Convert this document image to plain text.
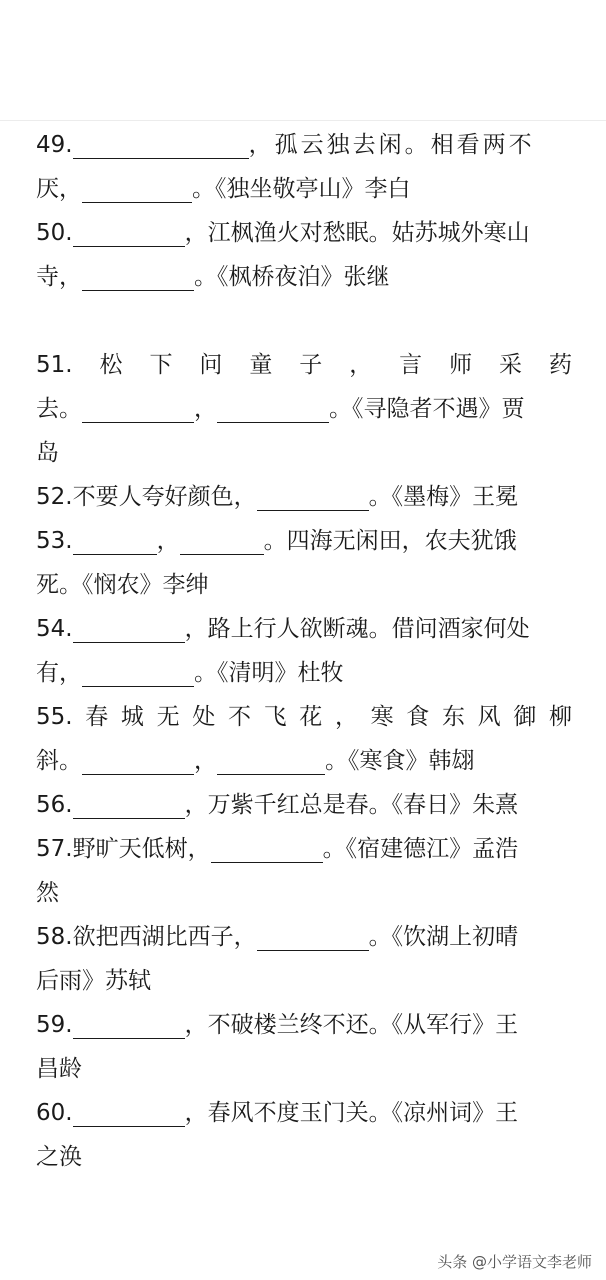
49.	，孤云独去闲。相看两不
厌，	。《独坐敬亭山》李白
50.	，江枫渔火对愁眠。姑苏城外寒山
寺，	。《枫桥夜泊》张继
51. 松 下 问 童 子 ， 言 师 采 药
去。	，	。《寻隐者不遇》贾
岛
52.不要人夸好颜色，	。《墨梅》王冕
53.	，	。四海无闲田，农夫犹饿
死。《悯农》李绅
54.	，路上行人欲断魂。借问酒家何处
有，	。《清明》杜牧
55. 春 城 无 处 不 飞 花 ， 寒 食 东 风 御 柳
斜。	，	。《寒食》韩翃
56.	，万紫千红总是春。《春日》朱熹
57.野旷天低树，	。《宿建德江》孟浩
然
58.欲把西湖比西子，	。《饮湖上初晴
后雨》苏轼
59.	，不破楼兰终不还。《从军行》王
昌龄
60.	，春风不度玉门关。《凉州词》王
之涣
头条 @小学语文李老师
